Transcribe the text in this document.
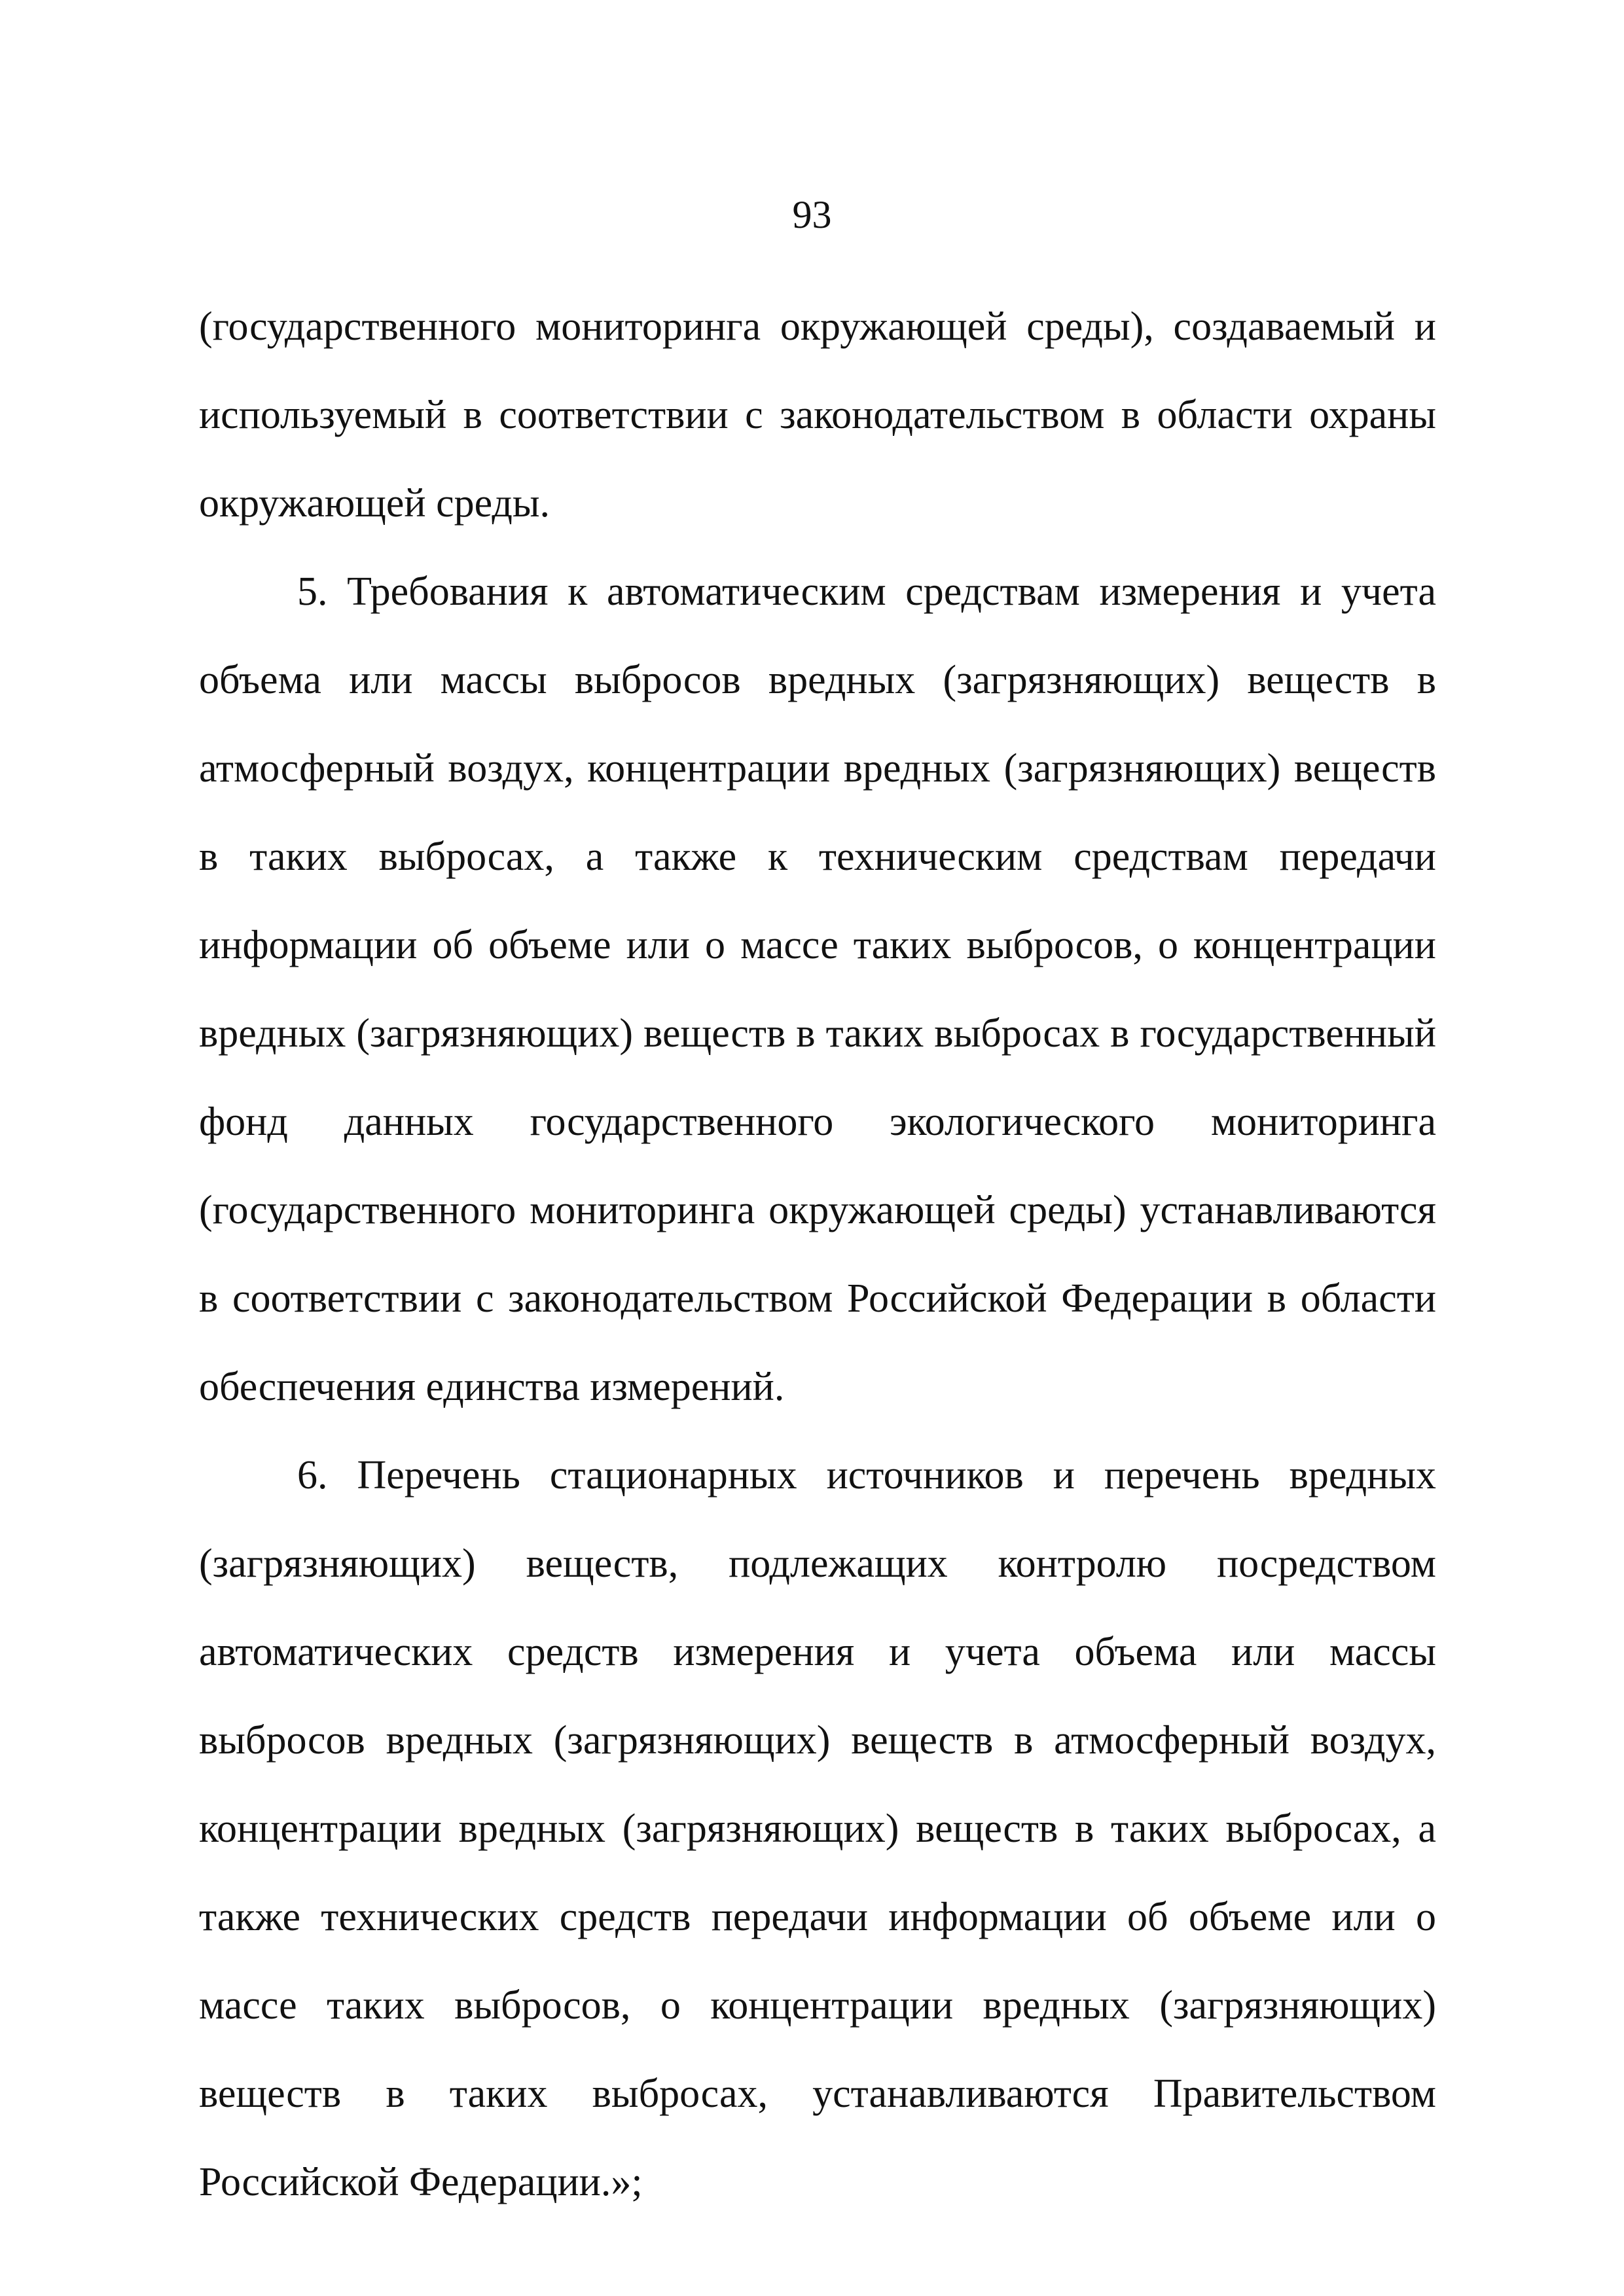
93

(государственного мониторинга окружающей среды), создаваемый и используемый в соответствии с законодательством в области охраны окружающей среды.

5. Требования к автоматическим средствам измерения и учета объема или массы выбросов вредных (загрязняющих) веществ в атмосферный воздух, концентрации вредных (загрязняющих) веществ в таких выбросах, а также к техническим средствам передачи информации об объеме или о массе таких выбросов, о концентрации вредных (загрязняющих) веществ в таких выбросах в государственный фонд данных государственного экологического мониторинга (государственного мониторинга окружающей среды) устанавливаются в соответствии с законодательством Российской Федерации в области обеспечения единства измерений.

6. Перечень стационарных источников и перечень вредных (загрязняющих) веществ, подлежащих контролю посредством автоматических средств измерения и учета объема или массы выбросов вредных (загрязняющих) веществ в атмосферный воздух, концентрации вредных (загрязняющих) веществ в таких выбросах, а также технических средств передачи информации об объеме или о массе таких выбросов, о концентрации вредных (загрязняющих) веществ в таких выбросах, устанавливаются Правительством Российской Федерации.»;
